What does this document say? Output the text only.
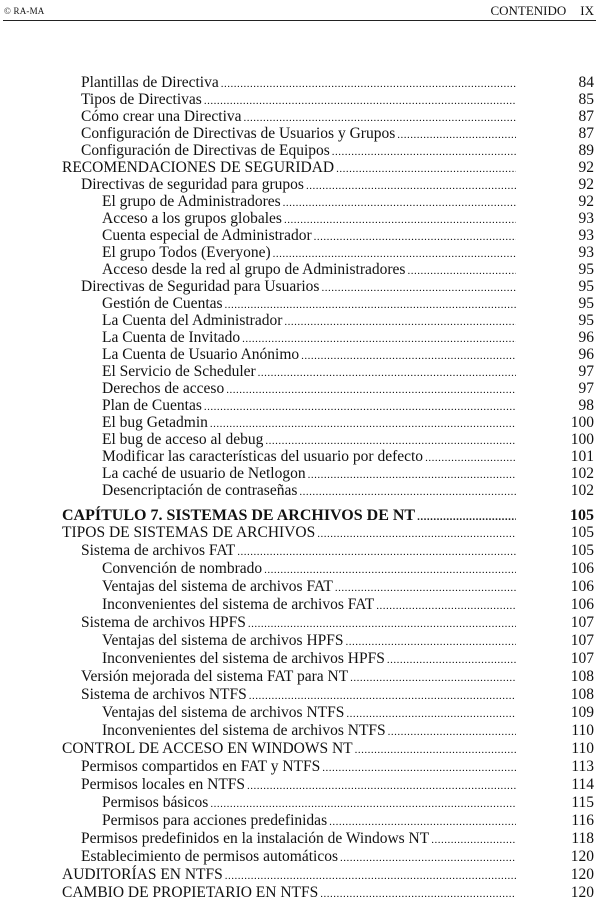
© RA-MA	CONTENIDO IX
Plantillas de Directiva .....	84
Tipos de Directivas .....	85
Cómo crear una Directiva .....	87
Configuración de Directivas de Usuarios y Grupos .....	87
Configuración de Directivas de Equipos .....	89
RECOMENDACIONES DE SEGURIDAD .....	92
Directivas de seguridad para grupos .....	92
El grupo de Administradores .....	92
Acceso a los grupos globales .....	93
Cuenta especial de Administrador .....	93
El grupo Todos (Everyone) .....	93
Acceso desde la red al grupo de Administradores .....	95
Directivas de Seguridad para Usuarios .....	95
Gestión de Cuentas .....	95
La Cuenta del Administrador .....	95
La Cuenta de Invitado .....	96
La Cuenta de Usuario Anónimo .....	96
El Servicio de Scheduler .....	97
Derechos de acceso .....	97
Plan de Cuentas .....	98
El bug Getadmin .....	100
El bug de acceso al debug .....	100
Modificar las características del usuario por defecto .....	101
La caché de usuario de Netlogon .....	102
Desencriptación de contraseñas .....	102
CAPÍTULO 7. SISTEMAS DE ARCHIVOS DE NT .....	105
TIPOS DE SISTEMAS DE ARCHIVOS .....	105
Sistema de archivos FAT .....	105
Convención de nombrado .....	106
Ventajas del sistema de archivos FAT .....	106
Inconvenientes del sistema de archivos FAT .....	106
Sistema de archivos HPFS .....	107
Ventajas del sistema de archivos HPFS .....	107
Inconvenientes del sistema de archivos HPFS .....	107
Versión mejorada del sistema FAT para NT .....	108
Sistema de archivos NTFS .....	108
Ventajas del sistema de archivos NTFS .....	109
Inconvenientes del sistema de archivos NTFS .....	110
CONTROL DE ACCESO EN WINDOWS NT .....	110
Permisos compartidos en FAT y NTFS .....	113
Permisos locales en NTFS .....	114
Permisos básicos .....	115
Permisos para acciones predefinidas .....	116
Permisos predefinidos en la instalación de Windows NT .....	118
Establecimiento de permisos automáticos .....	120
AUDITORÍAS EN NTFS .....	120
CAMBIO DE PROPIETARIO EN NTFS .....	120
